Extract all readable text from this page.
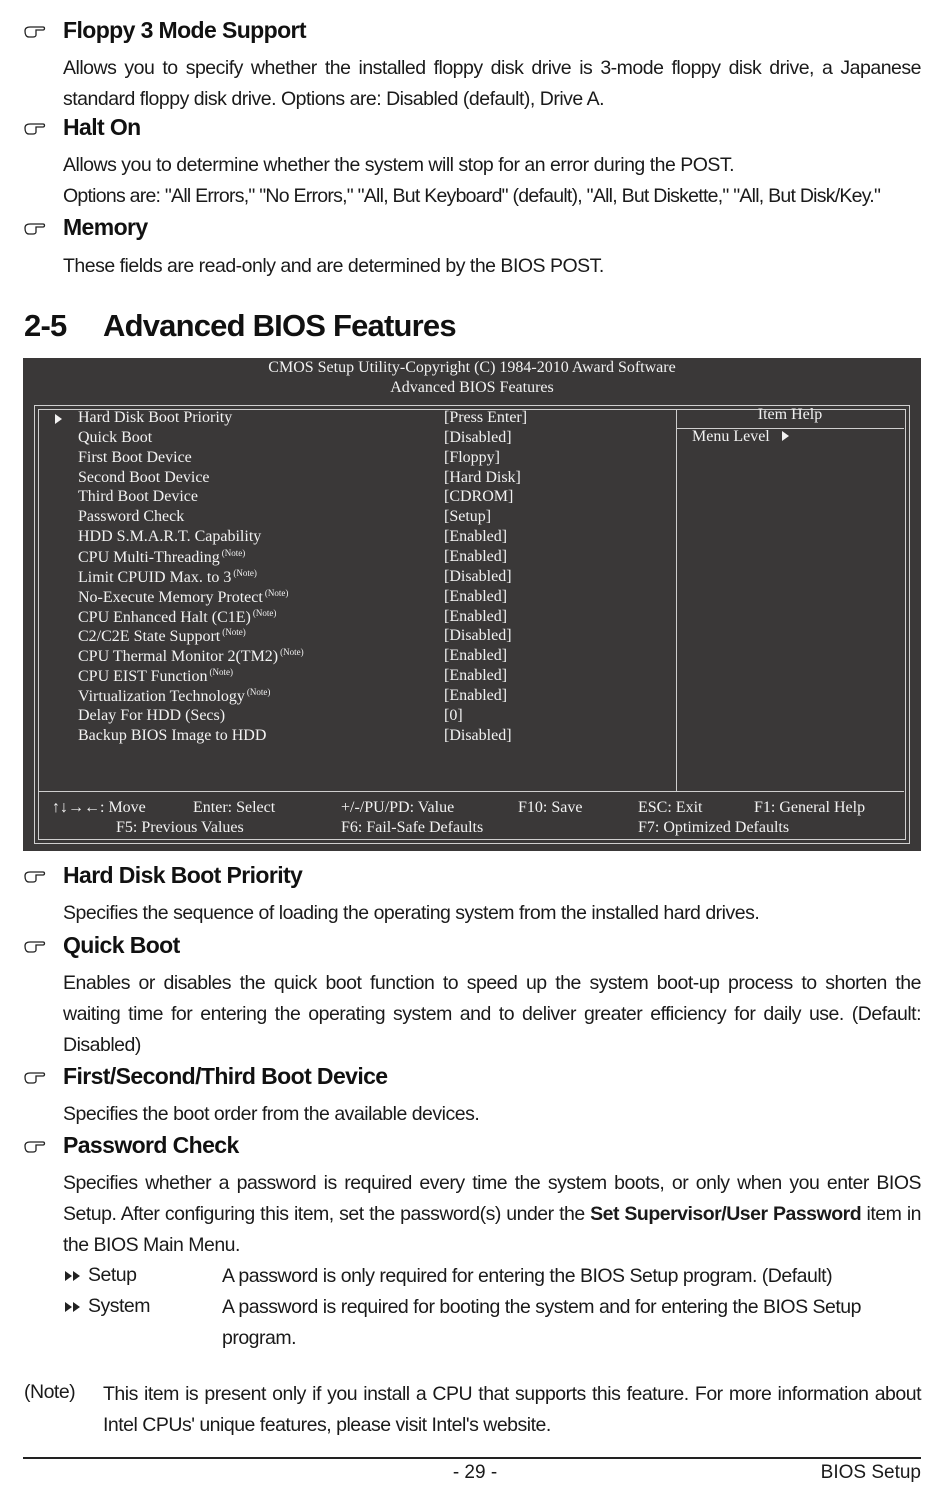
Floppy 3 Mode Support

Allows you to specify whether the installed floppy disk drive is 3-mode floppy disk drive, a Japanese standard floppy disk drive. Options are: Disabled (default), Drive A.

Halt On

Allows you to determine whether the system will stop for an error during the POST.

Options are: "All Errors," "No Errors," "All, But Keyboard" (default), "All, But Diskette," "All, But Disk/Key."

Memory

These fields are read-only and are determined by the BIOS POST.

2-5 Advanced BIOS Features
CMOS Setup Utility-Copyright (C) 1984-2010 Award Software
Advanced BIOS Features
Hard Disk Boot Priority	[Press Enter]
Quick Boot	[Disabled]
First Boot Device	[Floppy]
Second Boot Device	[Hard Disk]
Third Boot Device	[CDROM]
Password Check	[Setup]
HDD S.M.A.R.T. Capability	[Enabled]
CPU Multi-Threading $^{(Note)}$	[Enabled]
Limit CPUID Max. to 3 $^{(Note)}$	[Disabled]
No-Execute Memory Protect $^{(Note)}$	[Enabled]
CPU Enhanced Halt (C1E) $^{(Note)}$	[Enabled]
C2/C2E State Support $^{(Note)}$	[Disabled]
CPU Thermal Monitor 2(TM2) $^{(Note)}$	[Enabled]
CPU EIST Function $^{(Note)}$	[Enabled]
Virtualization Technology $^{(Note)}$	[Enabled]
Delay For HDD (Secs)	[0]
Backup BIOS Image to HDD	[Disabled]
Item Help
Menu Level
↑↓→←: Move	Enter: Select	+/-/PU/PD: Value	F10: Save	ESC: Exit	F1: General Help
F5: Previous Values	F6: Fail-Safe Defaults	F7: Optimized Defaults
Hard Disk Boot Priority

Specifies the sequence of loading the operating system from the installed hard drives.

Quick Boot

Enables or disables the quick boot function to speed up the system boot-up process to shorten the waiting time for entering the operating system and to deliver greater efficiency for daily use. (Default: Disabled)

First/Second/Third Boot Device

Specifies the boot order from the available devices.

Password Check

Specifies whether a password is required every time the system boots, or only when you enter BIOS Setup. After configuring this item, set the password(s) under the Set Supervisor/User Password item in the BIOS Main Menu.

Setup	A password is only required for entering the BIOS Setup program. (Default)
System	A password is required for booting the system and for entering the BIOS Setup program.
(Note) This item is present only if you install a CPU that supports this feature. For more information about Intel CPUs' unique features, please visit Intel's website.
- 29 -	BIOS Setup
